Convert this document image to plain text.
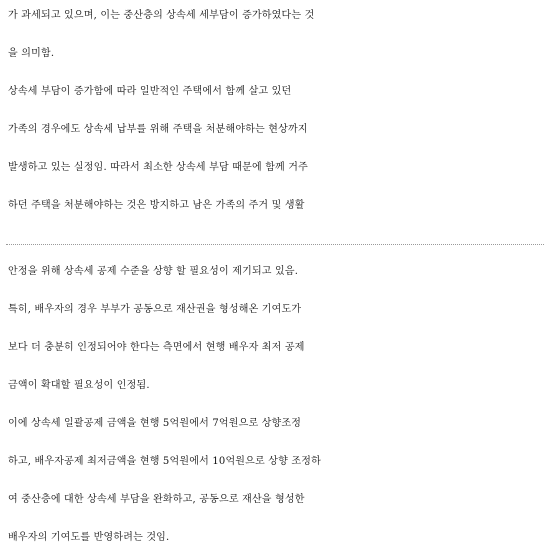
가 과세되고 있으며, 이는 중산층의 상속세 세부담이 증가하였다는 것
을 의미함.
상속세 부담이 증가함에 따라 일반적인 주택에서 함께 살고 있던
가족의 경우에도 상속세 납부를 위해 주택을 처분해야하는 현상까지
발생하고 있는 실정임. 따라서 최소한 상속세 부담 때문에 함께 거주
하던 주택을 처분해야하는 것은 방지하고 남은 가족의 주거 및 생활
안정을 위해 상속세 공제 수준을 상향 할 필요성이 제기되고 있음.
특히, 배우자의 경우 부부가 공동으로 재산권을 형성해온 기여도가
보다 더 충분히 인정되어야 한다는 측면에서 현행 배우자 최저 공제
금액이 확대할 필요성이 인정됨.
이에 상속세 일괄공제 금액을 현행 5억원에서 7억원으로 상향조정
하고, 배우자공제 최저금액을 현행 5억원에서 10억원으로 상향 조정하
여 중산층에 대한 상속세 부담을 완화하고, 공동으로 재산을 형성한
배우자의 기여도를 반영하려는 것임.
